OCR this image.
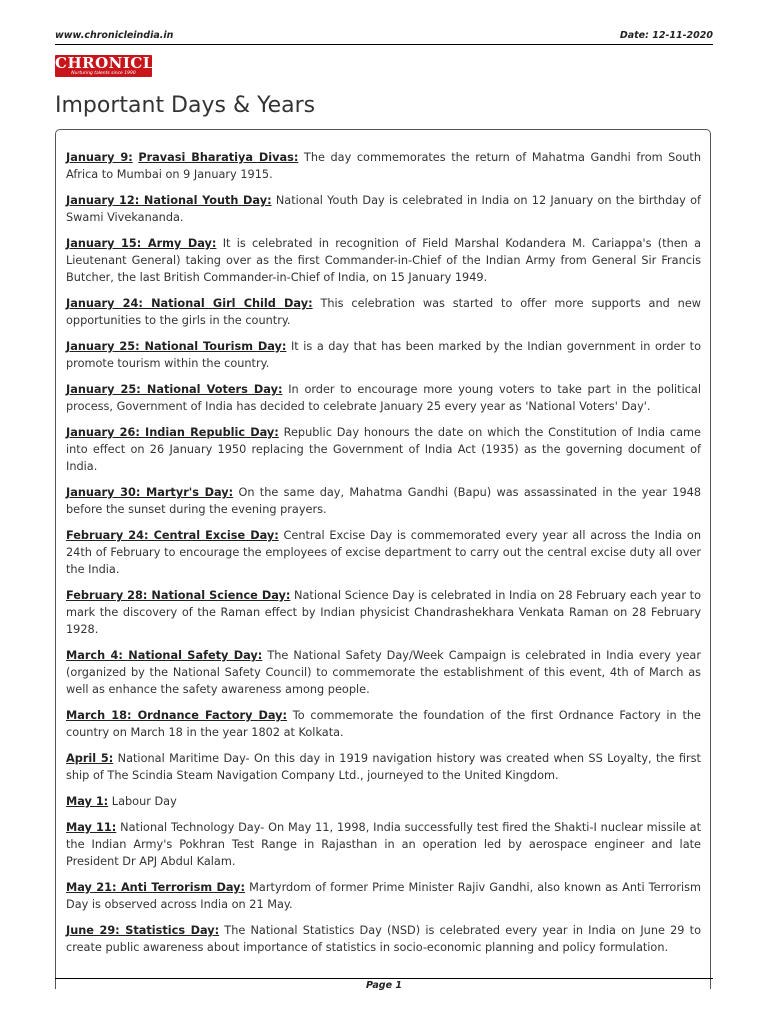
www.chronicleindia.in	Date: 12-11-2020
CHRONICLE
Nurturing talents since 1990
Important Days & Years

January 9: Pravasi Bharatiya Divas: The day commemorates the return of Mahatma Gandhi from South Africa to Mumbai on 9 January 1915.

January 12: National Youth Day: National Youth Day is celebrated in India on 12 January on the birthday of Swami Vivekananda.

January 15: Army Day: It is celebrated in recognition of Field Marshal Kodandera M. Cariappa's (then a Lieutenant General) taking over as the first Commander-in-Chief of the Indian Army from General Sir Francis Butcher, the last British Commander-in-Chief of India, on 15 January 1949.

January 24: National Girl Child Day: This celebration was started to offer more supports and new opportunities to the girls in the country.

January 25: National Tourism Day: It is a day that has been marked by the Indian government in order to promote tourism within the country.

January 25: National Voters Day: In order to encourage more young voters to take part in the political process, Government of India has decided to celebrate January 25 every year as 'National Voters' Day'.

January 26: Indian Republic Day: Republic Day honours the date on which the Constitution of India came into effect on 26 January 1950 replacing the Government of India Act (1935) as the governing document of India.

January 30: Martyr's Day: On the same day, Mahatma Gandhi (Bapu) was assassinated in the year 1948 before the sunset during the evening prayers.

February 24: Central Excise Day: Central Excise Day is commemorated every year all across the India on 24th of February to encourage the employees of excise department to carry out the central excise duty all over the India.

February 28: National Science Day: National Science Day is celebrated in India on 28 February each year to mark the discovery of the Raman effect by Indian physicist Chandrashekhara Venkata Raman on 28 February 1928.

March 4: National Safety Day: The National Safety Day/Week Campaign is celebrated in India every year (organized by the National Safety Council) to commemorate the establishment of this event, 4th of March as well as enhance the safety awareness among people.

March 18: Ordnance Factory Day: To commemorate the foundation of the first Ordnance Factory in the country on March 18 in the year 1802 at Kolkata.

April 5: National Maritime Day- On this day in 1919 navigation history was created when SS Loyalty, the first ship of The Scindia Steam Navigation Company Ltd., journeyed to the United Kingdom.

May 1: Labour Day

May 11: National Technology Day- On May 11, 1998, India successfully test fired the Shakti-I nuclear missile at the Indian Army's Pokhran Test Range in Rajasthan in an operation led by aerospace engineer and late President Dr APJ Abdul Kalam.

May 21: Anti Terrorism Day: Martyrdom of former Prime Minister Rajiv Gandhi, also known as Anti Terrorism Day is observed across India on 21 May.

June 29: Statistics Day: The National Statistics Day (NSD) is celebrated every year in India on June 29 to create public awareness about importance of statistics in socio-economic planning and policy formulation.

Page 1
